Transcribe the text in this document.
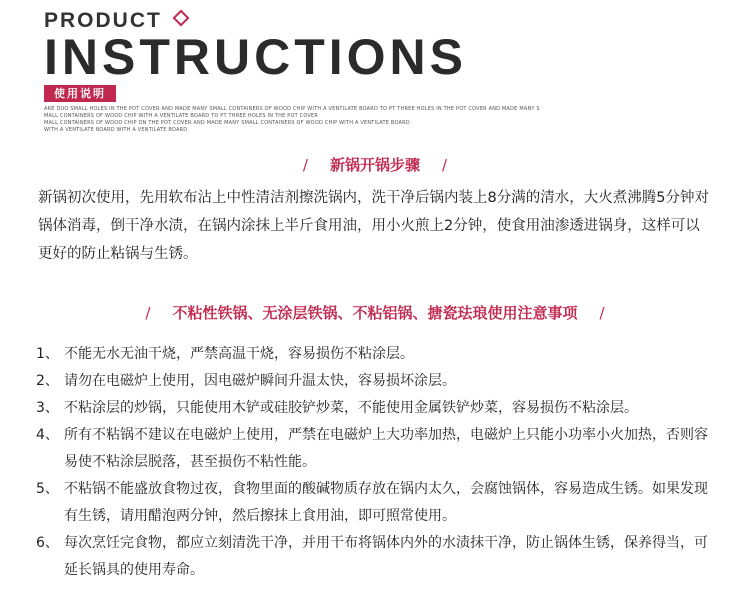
PRODUCT
INSTRUCTIONS
使用说明
ARE DUO SMALL HOLES IN THE POT COVER AND MADE MANY SMALL CONTAINERS OF WOOD CHIP WITH A VENTILATE BOARD TO PT THREE HOLES IN THE POT COVER AND MADE MANY S
MALL CONTAINERS OF WOOD CHIP WITH A VENTILATE BOARD TO PT THREE HOLES IN THE POT COVER
MALL CONTAINERS OF WOOD CHIP ON THE POT COVER AND MADE MANY SMALL CONTAINERS OF WOOD CHIP WITH A VENTILATE BOARD
WITH A VENTILATE BOARD WITH A VENTILATE BOARD
/ 新锅开锅步骤 /
新锅初次使用，先用软布沾上中性清洁剂擦洗锅内，洗干净后锅内装上8分满的清水，大火煮沸腾5分钟对锅体消毒，倒干净水渍，在锅内涂抹上半斤食用油，用小火煎上2分钟，使食用油渗透进锅身，这样可以更好的防止粘锅与生锈。
/ 不粘性铁锅、无涂层铁锅、不粘铝锅、搪瓷珐琅使用注意事项 /
1、 不能无水无油干烧，严禁高温干烧，容易损伤不粘涂层。
2、 请勿在电磁炉上使用，因电磁炉瞬间升温太快，容易损坏涂层。
3、 不粘涂层的炒锅，只能使用木铲或硅胶铲炒菜，不能使用金属铁铲炒菜，容易损伤不粘涂层。
4、 所有不粘锅不建议在电磁炉上使用，严禁在电磁炉上大功率加热，电磁炉上只能小功率小火加热，否则容易使不粘涂层脱落，甚至损伤不粘性能。
5、 不粘锅不能盛放食物过夜，食物里面的酸碱物质存放在锅内太久，会腐蚀锅体，容易造成生锈。如果发现有生锈，请用醋泡两分钟，然后擦抹上食用油，即可照常使用。
6、 每次烹饪完食物，都应立刻清洗干净，并用干布将锅体内外的水渍抹干净，防止锅体生锈，保养得当，可延长锅具的使用寿命。
